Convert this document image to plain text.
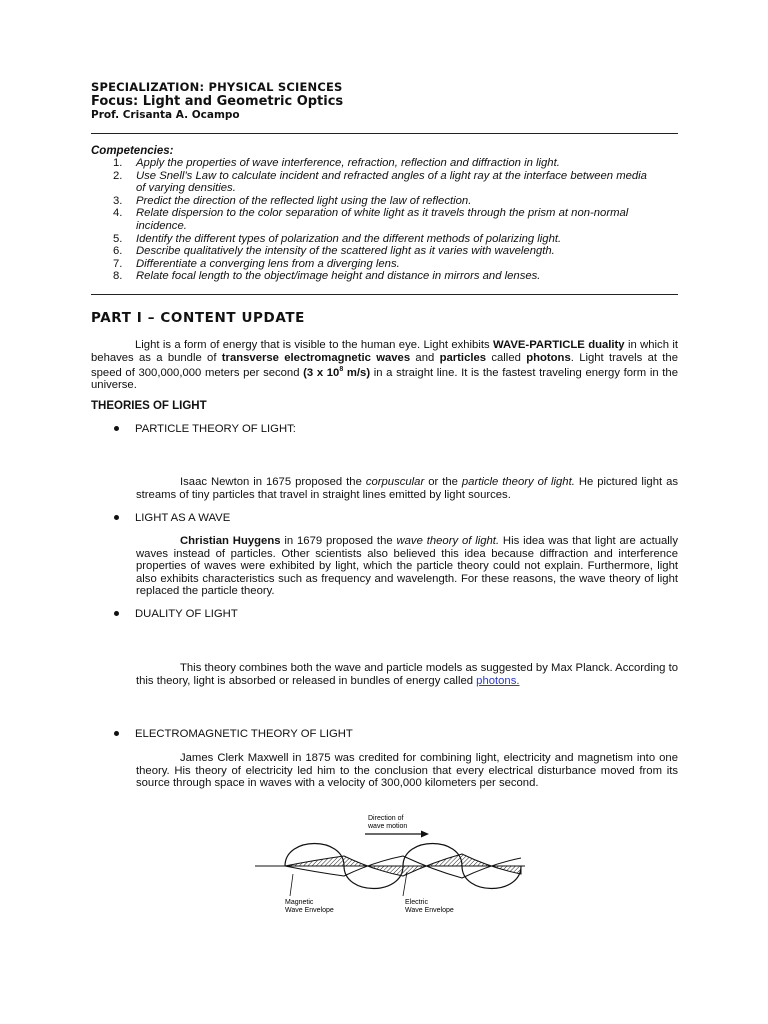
SPECIALIZATION: PHYSICAL SCIENCES
Focus: Light and Geometric Optics
Prof. Crisanta A. Ocampo
Competencies:
1. Apply the properties of wave interference, refraction, reflection and diffraction in light.
2. Use Snell’s Law to calculate incident and refracted angles of a light ray at the interface between media of varying densities.
3. Predict the direction of the reflected light using the law of reflection.
4. Relate dispersion to the color separation of white light as it travels through the prism at non-normal incidence.
5. Identify the different types of polarization and the different methods of polarizing light.
6. Describe qualitatively the intensity of the scattered light as it varies with wavelength.
7. Differentiate a converging lens from a diverging lens.
8. Relate focal length to the object/image height and distance in mirrors and lenses.
PART I – CONTENT UPDATE

Light is a form of energy that is visible to the human eye. Light exhibits WAVE-PARTICLE duality in which it behaves as a bundle of transverse electromagnetic waves and particles called photons. Light travels at the speed of 300,000,000 meters per second (3 x $10^8$ m/s) in a straight line. It is the fastest traveling energy form in the universe.

THEORIES OF LIGHT
PARTICLE THEORY OF LIGHT:

Isaac Newton in 1675 proposed the corpuscular or the particle theory of light. He pictured light as streams of tiny particles that travel in straight lines emitted by light sources.

LIGHT AS A WAVE

Christian Huygens in 1679 proposed the wave theory of light. His idea was that light are actually waves instead of particles. Other scientists also believed this idea because diffraction and interference properties of waves were exhibited by light, which the particle theory could not explain. Furthermore, light also exhibits characteristics such as frequency and wavelength. For these reasons, the wave theory of light replaced the particle theory.

DUALITY OF LIGHT

This theory combines both the wave and particle models as suggested by Max Planck. According to this theory, light is absorbed or released in bundles of energy called photons.

ELECTROMAGNETIC THEORY OF LIGHT

James Clerk Maxwell in 1875 was credited for combining light, electricity and magnetism into one theory. His theory of electricity led him to the conclusion that every electrical disturbance moved from its source through space in waves with a velocity of 300,000 kilometers per second.

Direction of
wave motion
Magnetic
Wave Envelope
Electric
Wave Envelope
